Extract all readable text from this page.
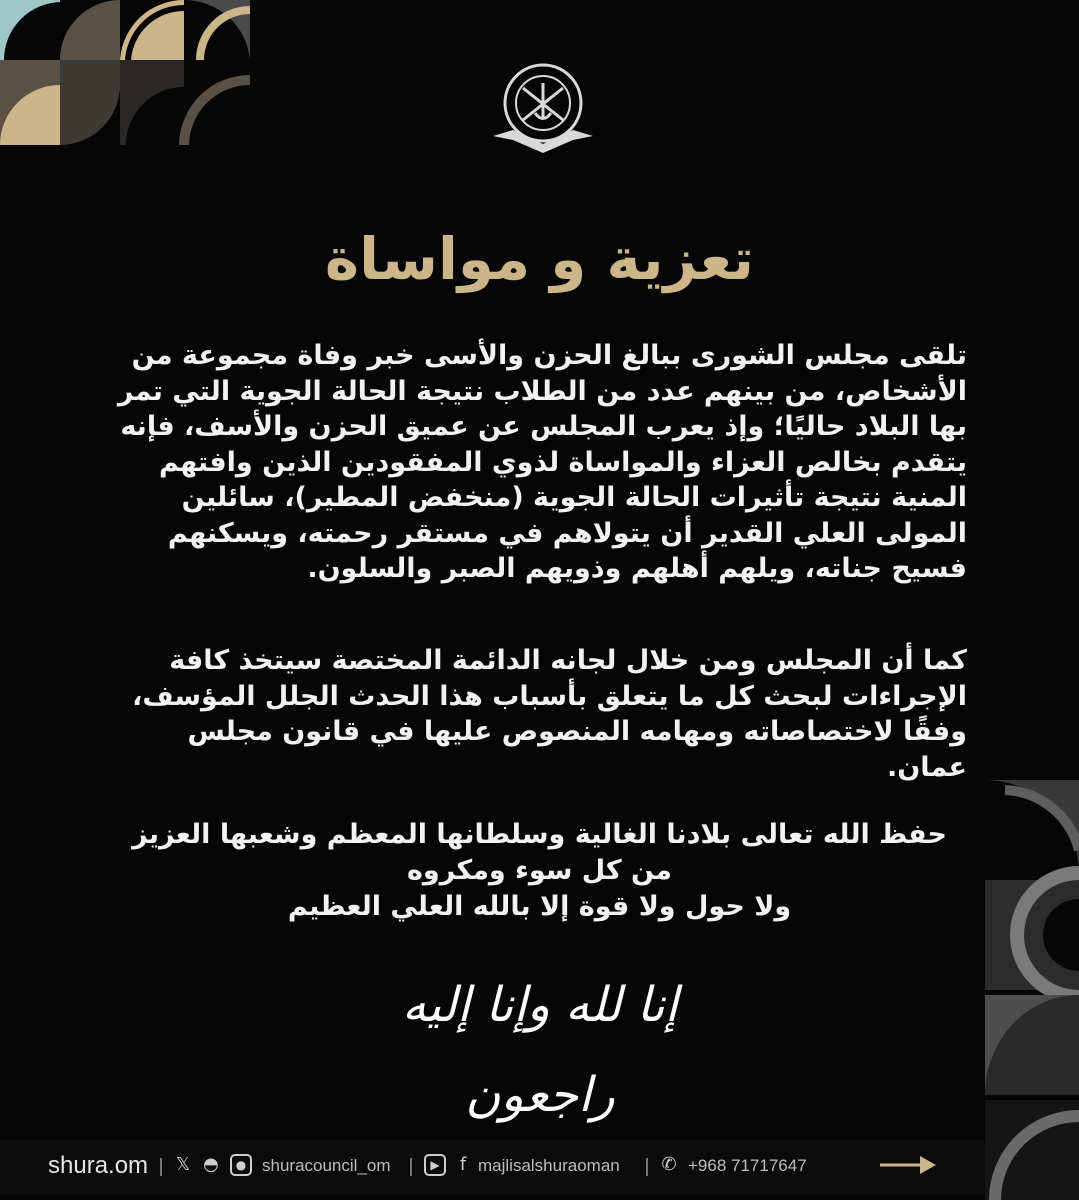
تعزية و مواساة
تلقى مجلس الشورى ببالغ الحزن والأسى خبر وفاة مجموعة من الأشخاص، من بينهم عدد من الطلاب نتيجة الحالة الجوية التي تمر بها البلاد حاليًا؛ وإذ يعرب المجلس عن عميق الحزن والأسف، فإنه يتقدم بخالص العزاء والمواساة لذوي المفقودين الذين وافتهم المنية نتيجة تأثيرات الحالة الجوية (منخفض المطير)، سائلين المولى العلي القدير أن يتولاهم في مستقر رحمته، ويسكنهم فسيح جناته، ويلهم أهلهم وذويهم الصبر والسلون.
كما أن المجلس ومن خلال لجانه الدائمة المختصة سيتخذ كافة الإجراءات لبحث كل ما يتعلق بأسباب هذا الحدث الجلل المؤسف، وفقًا لاختصاصاته ومهامه المنصوص عليها في قانون مجلس عمان.
حفظ الله تعالى بلادنا الغالية وسلطانها المعظم وشعبها العزيز
من كل سوء ومكروه
ولا حول ولا قوة إلا بالله العلي العظيم
إنا لله وإنا إليه راجعون
shura.om 𝕏 ◓	● shuracouncil_om	▶	f majlisalshuraoman ✆ +968 71717647
